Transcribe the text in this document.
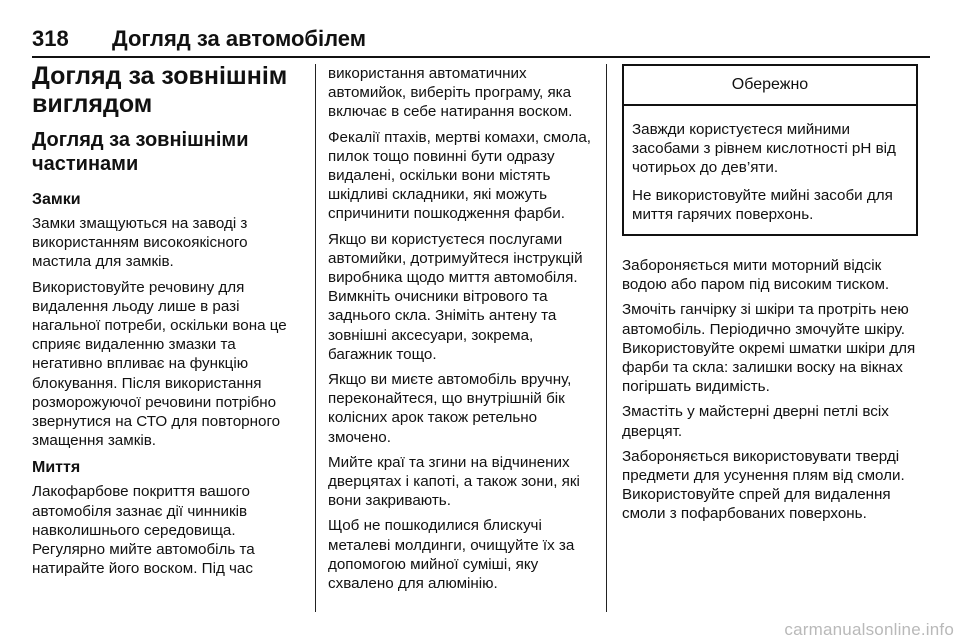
318 Догляд за автомобілем
Догляд за зовнішнім виглядом
Догляд за зовнішніми частинами
Замки

Замки змащуються на заводі з використанням високоякісного мастила для замків.

Використовуйте речовину для видалення льоду лише в разі нагальної потреби, оскільки вона це сприяє видаленню змазки та негативно впливає на функцію блокування. Після використання розморожуючої речовини потрібно звернутися на СТО для повторного змащення замків.

Миття

Лакофарбове покриття вашого автомобіля зазнає дії чинників навколишнього середовища. Регулярно мийте автомобіль та натирайте його воском. Під час

використання автоматичних автомийок, виберіть програму, яка включає в себе натирання воском.

Фекалії птахів, мертві комахи, смола, пилок тощо повинні бути одразу видалені, оскільки вони містять шкідливі складники, які можуть спричинити пошкодження фарби.

Якщо ви користуєтеся послугами автомийки, дотримуйтеся інструкцій виробника щодо миття автомобіля. Вимкніть очисники вітрового та заднього скла. Зніміть антену та зовнішні аксесуари, зокрема, багажник тощо.

Якщо ви миєте автомобіль вручну, переконайтеся, що внутрішній бік колісних арок також ретельно змочено.

Мийте краї та згини на відчинених дверцятах і капоті, а також зони, які вони закривають.

Щоб не пошкодилися блискучі металеві молдинги, очищуйте їх за допомогою мийної суміші, яку схвалено для алюмінію.

Обережно

Завжди користуєтеся мийними засобами з рівнем кислотності pH від чотирьох до дев’яти.

Не використовуйте мийні засоби для миття гарячих поверхонь.

Забороняється мити моторний відсік водою або паром під високим тиском.

Змочіть ганчірку зі шкіри та протріть нею автомобіль. Періодично змочуйте шкіру. Використовуйте окремі шматки шкіри для фарби та скла: залишки воску на вікнах погіршать видимість.

Змастіть у майстерні дверні петлі всіх дверцят.

Забороняється використовувати тверді предмети для усунення плям від смоли. Використовуйте спрей для видалення смоли з пофарбованих поверхонь.

carmanualsonline.info
